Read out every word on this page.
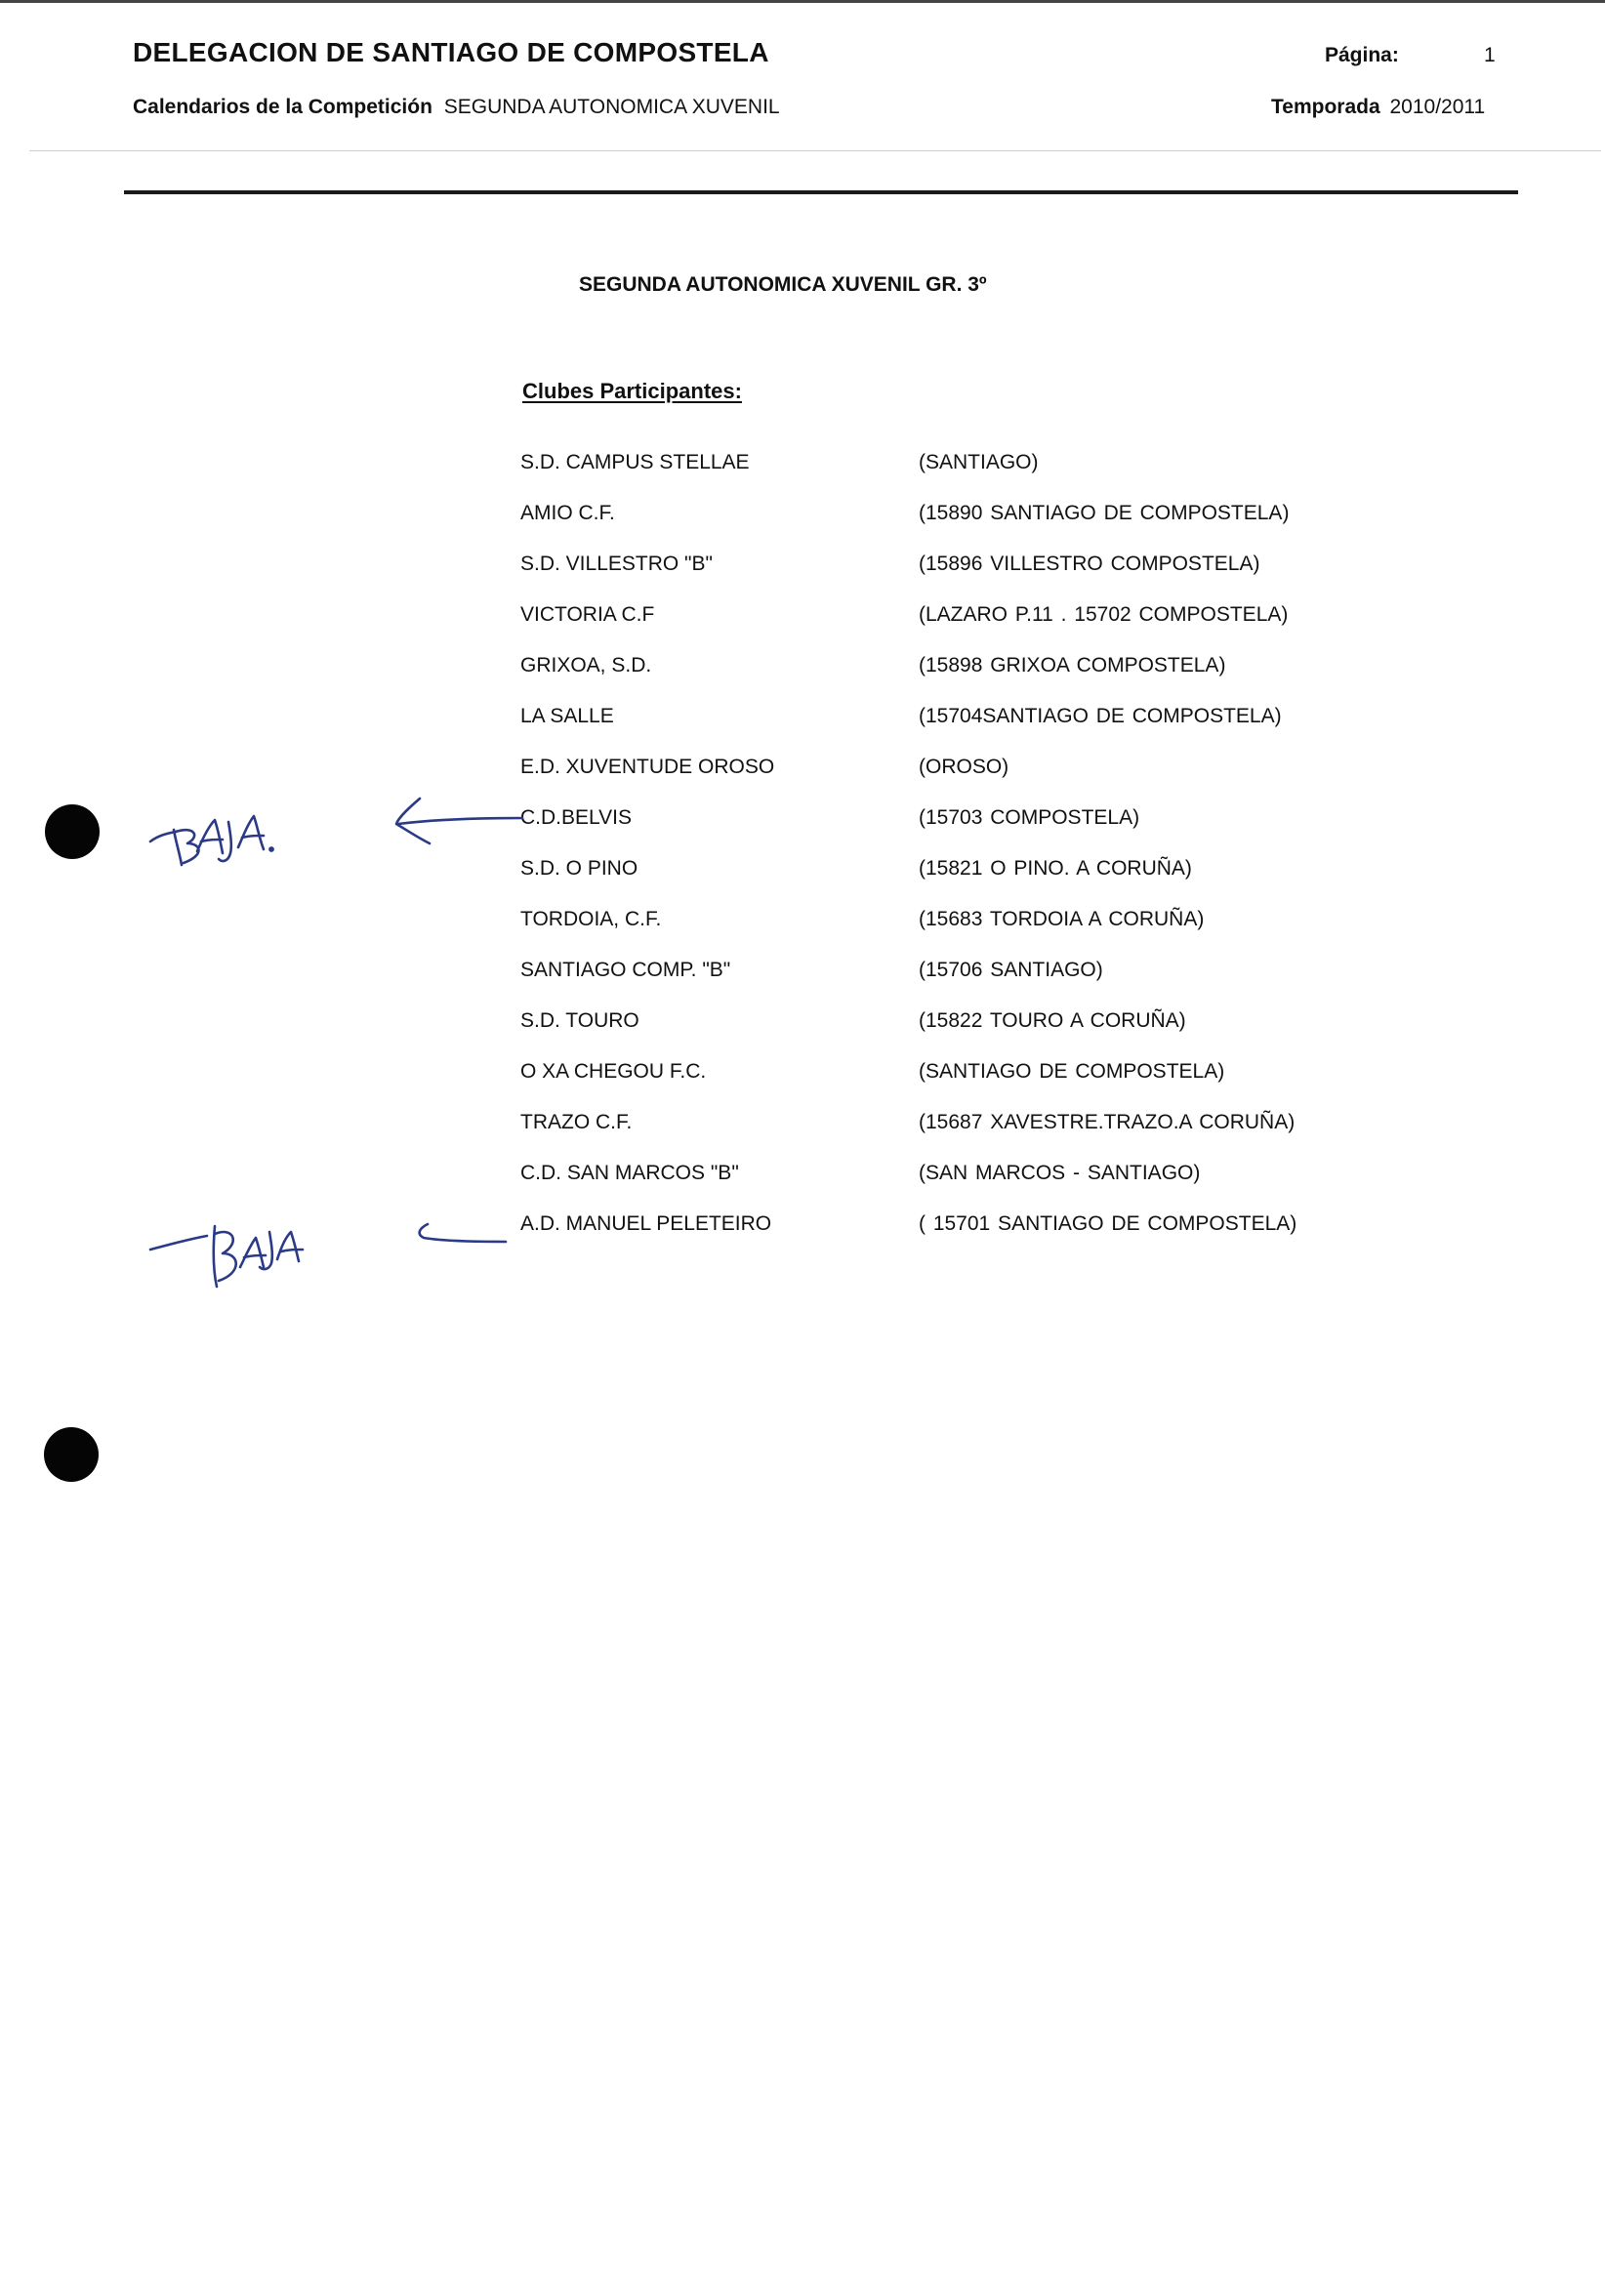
DELEGACION DE SANTIAGO DE COMPOSTELA	Página:	1
Calendarios de la Competición SEGUNDA AUTONOMICA XUVENIL	Temporada 2010/2011
SEGUNDA AUTONOMICA XUVENIL GR. 3º
Clubes Participantes:
S.D. CAMPUS STELLAE	(SANTIAGO)
AMIO C.F.	(15890 SANTIAGO DE COMPOSTELA)
S.D. VILLESTRO "B"	(15896 VILLESTRO COMPOSTELA)
VICTORIA C.F	(LAZARO P.11 . 15702 COMPOSTELA)
GRIXOA, S.D.	(15898 GRIXOA COMPOSTELA)
LA SALLE	(15704SANTIAGO DE COMPOSTELA)
E.D. XUVENTUDE OROSO	(OROSO)
C.D.BELVIS	(15703 COMPOSTELA)
S.D. O PINO	(15821 O PINO. A CORUÑA)
TORDOIA, C.F.	(15683 TORDOIA A CORUÑA)
SANTIAGO COMP. "B"	(15706 SANTIAGO)
S.D. TOURO	(15822 TOURO A CORUÑA)
O XA CHEGOU F.C.	(SANTIAGO DE COMPOSTELA)
TRAZO C.F.	(15687 XAVESTRE.TRAZO.A CORUÑA)
C.D. SAN MARCOS "B"	(SAN MARCOS - SANTIAGO)
A.D. MANUEL PELETEIRO	( 15701 SANTIAGO DE COMPOSTELA)
